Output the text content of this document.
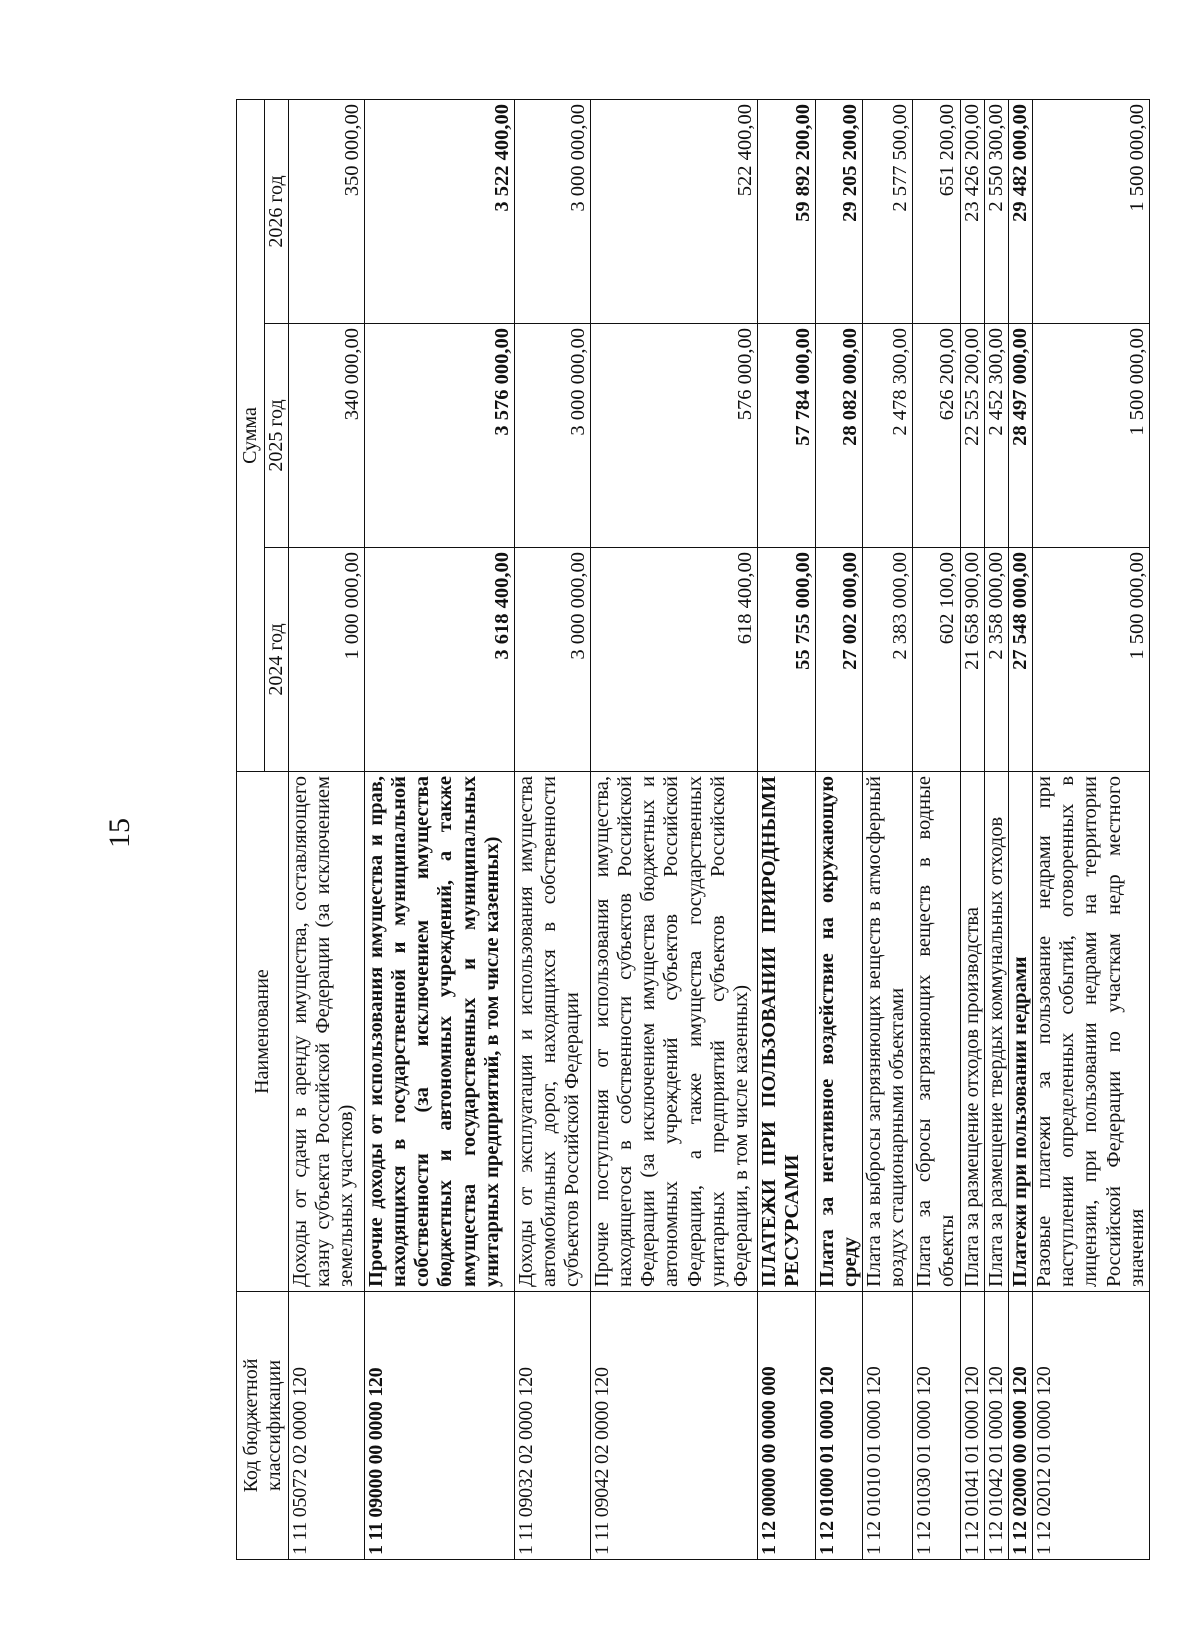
15
Код бюджетной классификации	Наименование	Сумма		
		2024 год	2025 год	2026 год
1 11 05072 02 0000 120	Доходы от сдачи в аренду имущества, составляющего казну субъекта Российской Федерации (за исключением земельных участков)	1 000 000,00	340 000,00	350 000,00
1 11 09000 00 0000 120	Прочие доходы от использования имущества и прав, находящихся в государственной и муниципальной собственности (за исключением имущества бюджетных и автономных учреждений, а также имущества государственных и муниципальных унитарных предприятий, в том числе казенных)	3 618 400,00	3 576 000,00	3 522 400,00
1 11 09032 02 0000 120	Доходы от эксплуатации и использования имущества автомобильных дорог, находящихся в собственности субъектов Российской Федерации	3 000 000,00	3 000 000,00	3 000 000,00
1 11 09042 02 0000 120	Прочие поступления от использования имущества, находящегося в собственности субъектов Российской Федерации (за исключением имущества бюджетных и автономных учреждений субъектов Российской Федерации, а также имущества государственных унитарных предприятий субъектов Российской Федерации, в том числе казенных)	618 400,00	576 000,00	522 400,00
1 12 00000 00 0000 000	ПЛАТЕЖИ ПРИ ПОЛЬЗОВАНИИ ПРИРОДНЫМИ РЕСУРСАМИ	55 755 000,00	57 784 000,00	59 892 200,00
1 12 01000 01 0000 120	Плата за негативное воздействие на окружающую среду	27 002 000,00	28 082 000,00	29 205 200,00
1 12 01010 01 0000 120	Плата за выбросы загрязняющих веществ в атмосферный воздух стационарными объектами	2 383 000,00	2 478 300,00	2 577 500,00
1 12 01030 01 0000 120	Плата за сбросы загрязняющих веществ в водные объекты	602 100,00	626 200,00	651 200,00
1 12 01041 01 0000 120	Плата за размещение отходов производства	21 658 900,00	22 525 200,00	23 426 200,00
1 12 01042 01 0000 120	Плата за размещение твердых коммунальных отходов	2 358 000,00	2 452 300,00	2 550 300,00
1 12 02000 00 0000 120	Платежи при пользовании недрами	27 548 000,00	28 497 000,00	29 482 000,00
1 12 02012 01 0000 120	Разовые платежи за пользование недрами при наступлении определенных событий, оговоренных в лицензии, при пользовании недрами на территории Российской Федерации по участкам недр местного значения	1 500 000,00	1 500 000,00	1 500 000,00
